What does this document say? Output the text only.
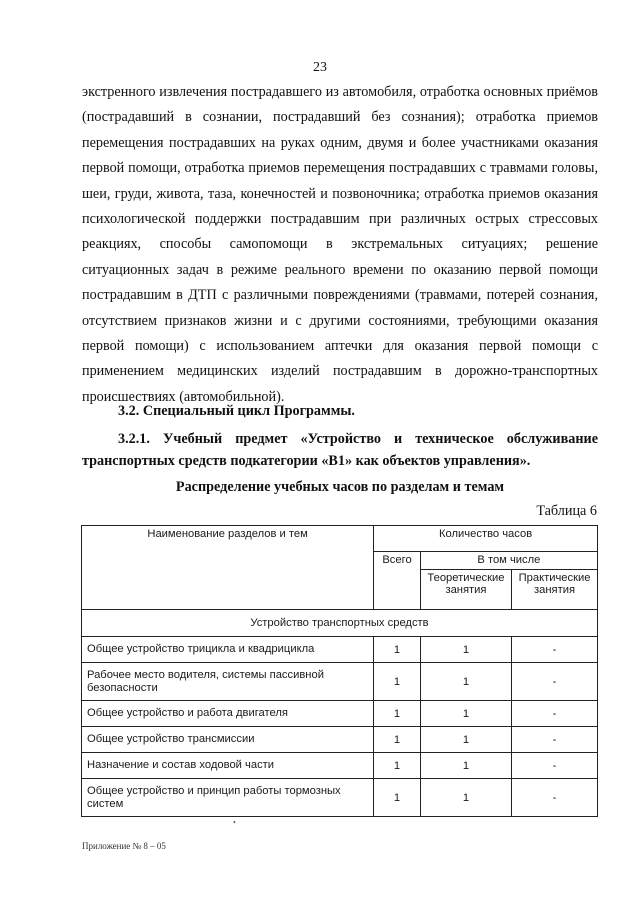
23

экстренного извлечения пострадавшего из автомобиля, отработка основных приёмов (пострадавший в сознании, пострадавший без сознания); отработка приемов перемещения пострадавших на руках одним, двумя и более участниками оказания первой помощи, отработка приемов перемещения пострадавших с травмами головы, шеи, груди, живота, таза, конечностей и позвоночника; отработка приемов оказания психологической поддержки пострадавшим при различных острых стрессовых реакциях, способы самопомощи в экстремальных ситуациях; решение ситуационных задач в режиме реального времени по оказанию первой помощи пострадавшим в ДТП с различными повреждениями (травмами, потерей сознания, отсутствием признаков жизни и с другими состояниями, требующими оказания первой помощи) с использованием аптечки для оказания первой помощи с применением медицинских изделий пострадавшим в дорожно-транспортных происшествиях (автомобильной).

3.2. Специальный цикл Программы.

3.2.1. Учебный предмет «Устройство и техническое обслуживание транспортных средств подкатегории «В1» как объектов управления».

Распределение учебных часов по разделам и темам
Таблица 6
Наименование разделов и тем	Количество часов		
	Всего	В том числе	
		Теоретические занятия	Практические занятия
Устройство транспортных средств			
Общее устройство трицикла и квадрицикла	1	1	-
Рабочее место водителя, системы пассивной безопасности	1	1	-
Общее устройство и работа двигателя	1	1	-
Общее устройство трансмиссии	1	1	-
Назначение и состав ходовой части	1	1	-
Общее устройство и принцип работы тормозных систем	1	1	-
•
Приложение № 8 – 05
